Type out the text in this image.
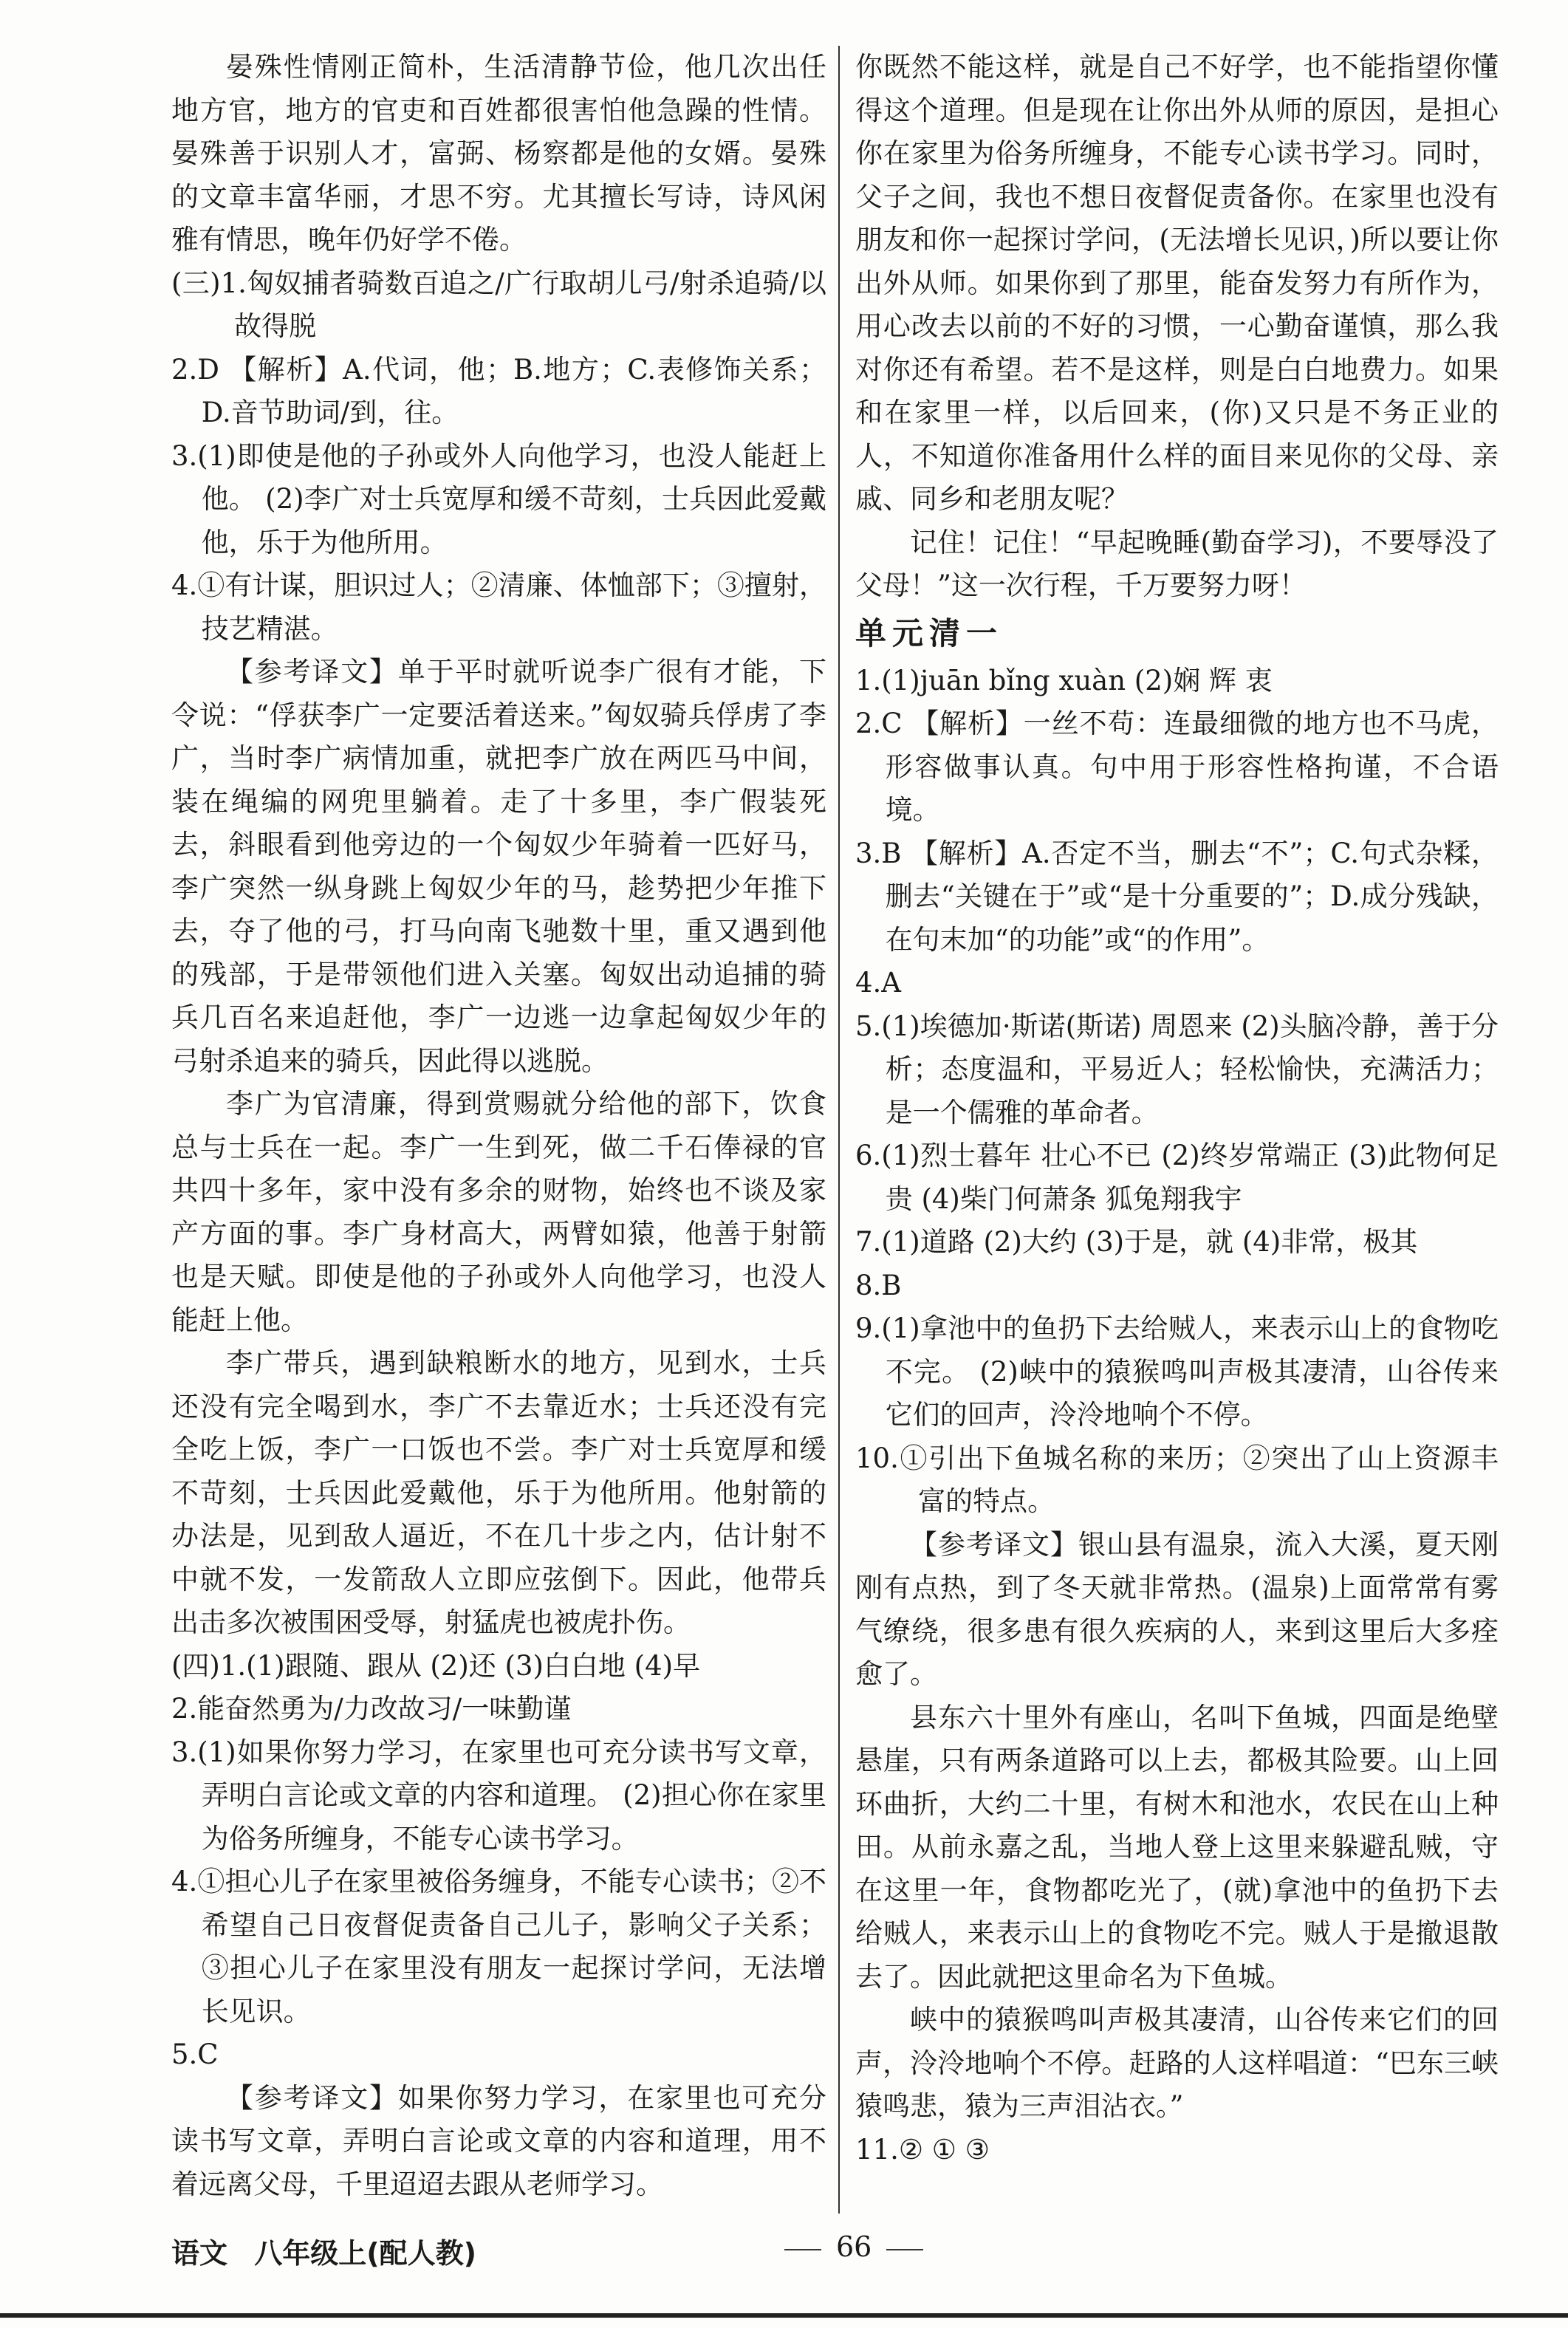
晏殊性情刚正简朴，生活清静节俭，他几次出任地方官，地方的官吏和百姓都很害怕他急躁的性情。晏殊善于识别人才，富弼、杨察都是他的女婿。晏殊的文章丰富华丽，才思不穷。尤其擅长写诗，诗风闲雅有情思，晚年仍好学不倦。

(三)1.匈奴捕者骑数百追之/广行取胡儿弓/射杀追骑/以故得脱

2.D 【解析】A.代词，他；B.地方；C.表修饰关系；D.音节助词/到，往。

3.(1)即使是他的子孙或外人向他学习，也没人能赶上他。 (2)李广对士兵宽厚和缓不苛刻，士兵因此爱戴他，乐于为他所用。

4.①有计谋，胆识过人；②清廉、体恤部下；③擅射，技艺精湛。

【参考译文】单于平时就听说李广很有才能，下令说：“俘获李广一定要活着送来。”匈奴骑兵俘虏了李广，当时李广病情加重，就把李广放在两匹马中间，装在绳编的网兜里躺着。走了十多里，李广假装死去，斜眼看到他旁边的一个匈奴少年骑着一匹好马，李广突然一纵身跳上匈奴少年的马，趁势把少年推下去，夺了他的弓，打马向南飞驰数十里，重又遇到他的残部，于是带领他们进入关塞。匈奴出动追捕的骑兵几百名来追赶他，李广一边逃一边拿起匈奴少年的弓射杀追来的骑兵，因此得以逃脱。

李广为官清廉，得到赏赐就分给他的部下，饮食总与士兵在一起。李广一生到死，做二千石俸禄的官共四十多年，家中没有多余的财物，始终也不谈及家产方面的事。李广身材高大，两臂如猿，他善于射箭也是天赋。即使是他的子孙或外人向他学习，也没人能赶上他。

李广带兵，遇到缺粮断水的地方，见到水，士兵还没有完全喝到水，李广不去靠近水；士兵还没有完全吃上饭，李广一口饭也不尝。李广对士兵宽厚和缓不苛刻，士兵因此爱戴他，乐于为他所用。他射箭的办法是，见到敌人逼近，不在几十步之内，估计射不中就不发，一发箭敌人立即应弦倒下。因此，他带兵出击多次被围困受辱，射猛虎也被虎扑伤。

(四)1.(1)跟随、跟从 (2)还 (3)白白地 (4)早

2.能奋然勇为/力改故习/一味勤谨

3.(1)如果你努力学习，在家里也可充分读书写文章，弄明白言论或文章的内容和道理。 (2)担心你在家里为俗务所缠身，不能专心读书学习。

4.①担心儿子在家里被俗务缠身，不能专心读书；②不希望自己日夜督促责备自己儿子，影响父子关系；③担心儿子在家里没有朋友一起探讨学问，无法增长见识。

5.C

【参考译文】如果你努力学习，在家里也可充分读书写文章，弄明白言论或文章的内容和道理，用不着远离父母，千里迢迢去跟从老师学习。

你既然不能这样，就是自己不好学，也不能指望你懂得这个道理。但是现在让你出外从师的原因，是担心你在家里为俗务所缠身，不能专心读书学习。同时，父子之间，我也不想日夜督促责备你。在家里也没有朋友和你一起探讨学问，(无法增长见识，)所以要让你出外从师。如果你到了那里，能奋发努力有所作为，用心改去以前的不好的习惯，一心勤奋谨慎，那么我对你还有希望。若不是这样，则是白白地费力。如果和在家里一样，以后回来，(你)又只是不务正业的人，不知道你准备用什么样的面目来见你的父母、亲戚、同乡和老朋友呢？

记住！记住！“早起晚睡(勤奋学习)，不要辱没了父母！”这一次行程，千万要努力呀！

单元清一

1.(1)juān bǐng xuàn (2)娴 辉 衷

2.C 【解析】一丝不苟：连最细微的地方也不马虎，形容做事认真。句中用于形容性格拘谨，不合语境。

3.B 【解析】A.否定不当，删去“不”；C.句式杂糅，删去“关键在于”或“是十分重要的”；D.成分残缺，在句末加“的功能”或“的作用”。

4.A

5.(1)埃德加·斯诺(斯诺) 周恩来 (2)头脑冷静，善于分析；态度温和，平易近人；轻松愉快，充满活力；是一个儒雅的革命者。

6.(1)烈士暮年 壮心不已 (2)终岁常端正 (3)此物何足贵 (4)柴门何萧条 狐兔翔我宇

7.(1)道路 (2)大约 (3)于是，就 (4)非常，极其

8.B

9.(1)拿池中的鱼扔下去给贼人，来表示山上的食物吃不完。 (2)峡中的猿猴鸣叫声极其凄清，山谷传来它们的回声，泠泠地响个不停。

10.①引出下鱼城名称的来历；②突出了山上资源丰富的特点。

【参考译文】银山县有温泉，流入大溪，夏天刚刚有点热，到了冬天就非常热。(温泉)上面常常有雾气缭绕，很多患有很久疾病的人，来到这里后大多痊愈了。

县东六十里外有座山，名叫下鱼城，四面是绝壁悬崖，只有两条道路可以上去，都极其险要。山上回环曲折，大约二十里，有树木和池水，农民在山上种田。从前永嘉之乱，当地人登上这里来躲避乱贼，守在这里一年，食物都吃光了，(就)拿池中的鱼扔下去给贼人，来表示山上的食物吃不完。贼人于是撤退散去了。因此就把这里命名为下鱼城。

峡中的猿猴鸣叫声极其凄清，山谷传来它们的回声，泠泠地响个不停。赶路的人这样唱道：“巴东三峡猿鸣悲，猿为三声泪沾衣。”

11.② ① ③

语文 八年级上(配人教)	66
